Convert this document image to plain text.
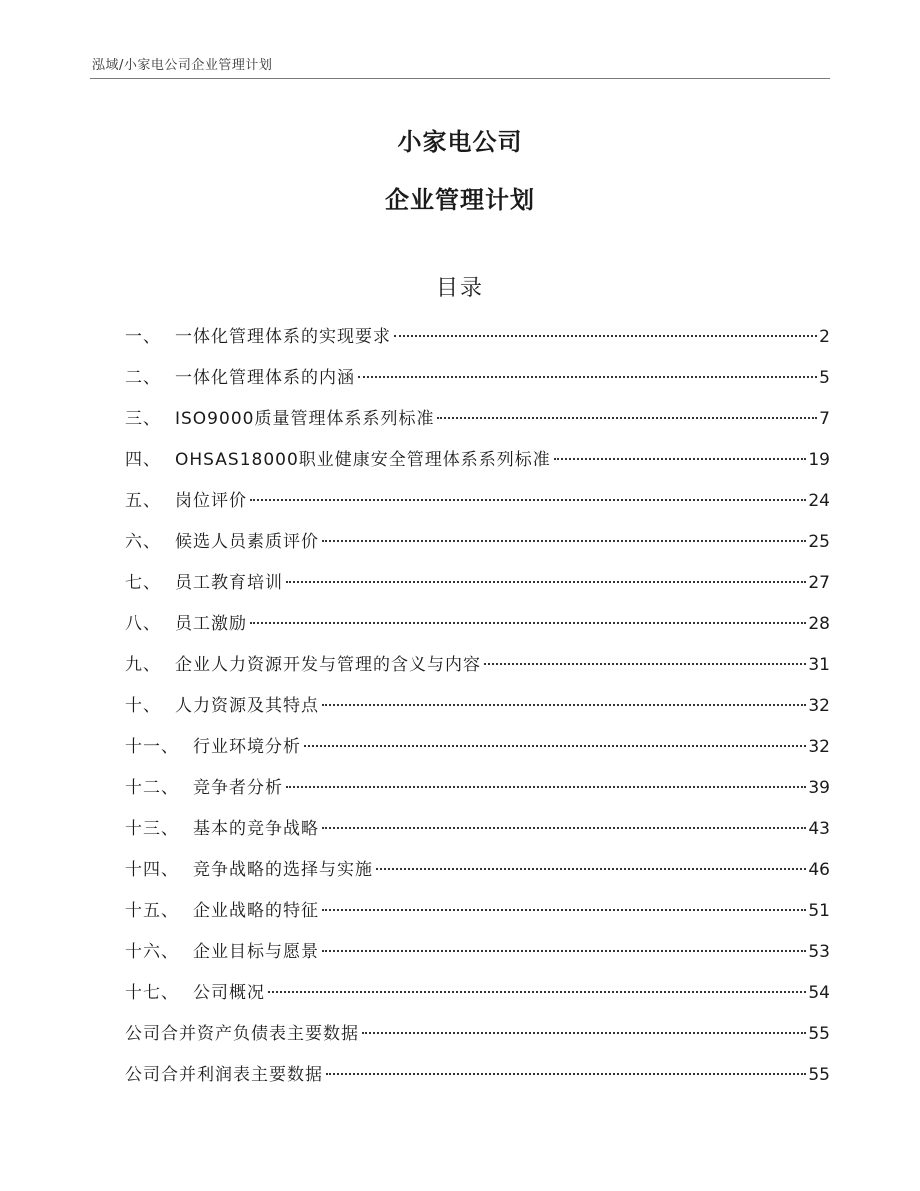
泓域/小家电公司企业管理计划
小家电公司
企业管理计划
目录
一、 一体化管理体系的实现要求	2
二、 一体化管理体系的内涵	5
三、 ISO9000质量管理体系系列标准	7
四、 OHSAS18000职业健康安全管理体系系列标准	19
五、 岗位评价	24
六、 候选人员素质评价	25
七、 员工教育培训	27
八、 员工激励	28
九、 企业人力资源开发与管理的含义与内容	31
十、 人力资源及其特点	32
十一、 行业环境分析	32
十二、 竞争者分析	39
十三、 基本的竞争战略	43
十四、 竞争战略的选择与实施	46
十五、 企业战略的特征	51
十六、 企业目标与愿景	53
十七、 公司概况	54
公司合并资产负债表主要数据	55
公司合并利润表主要数据	55
